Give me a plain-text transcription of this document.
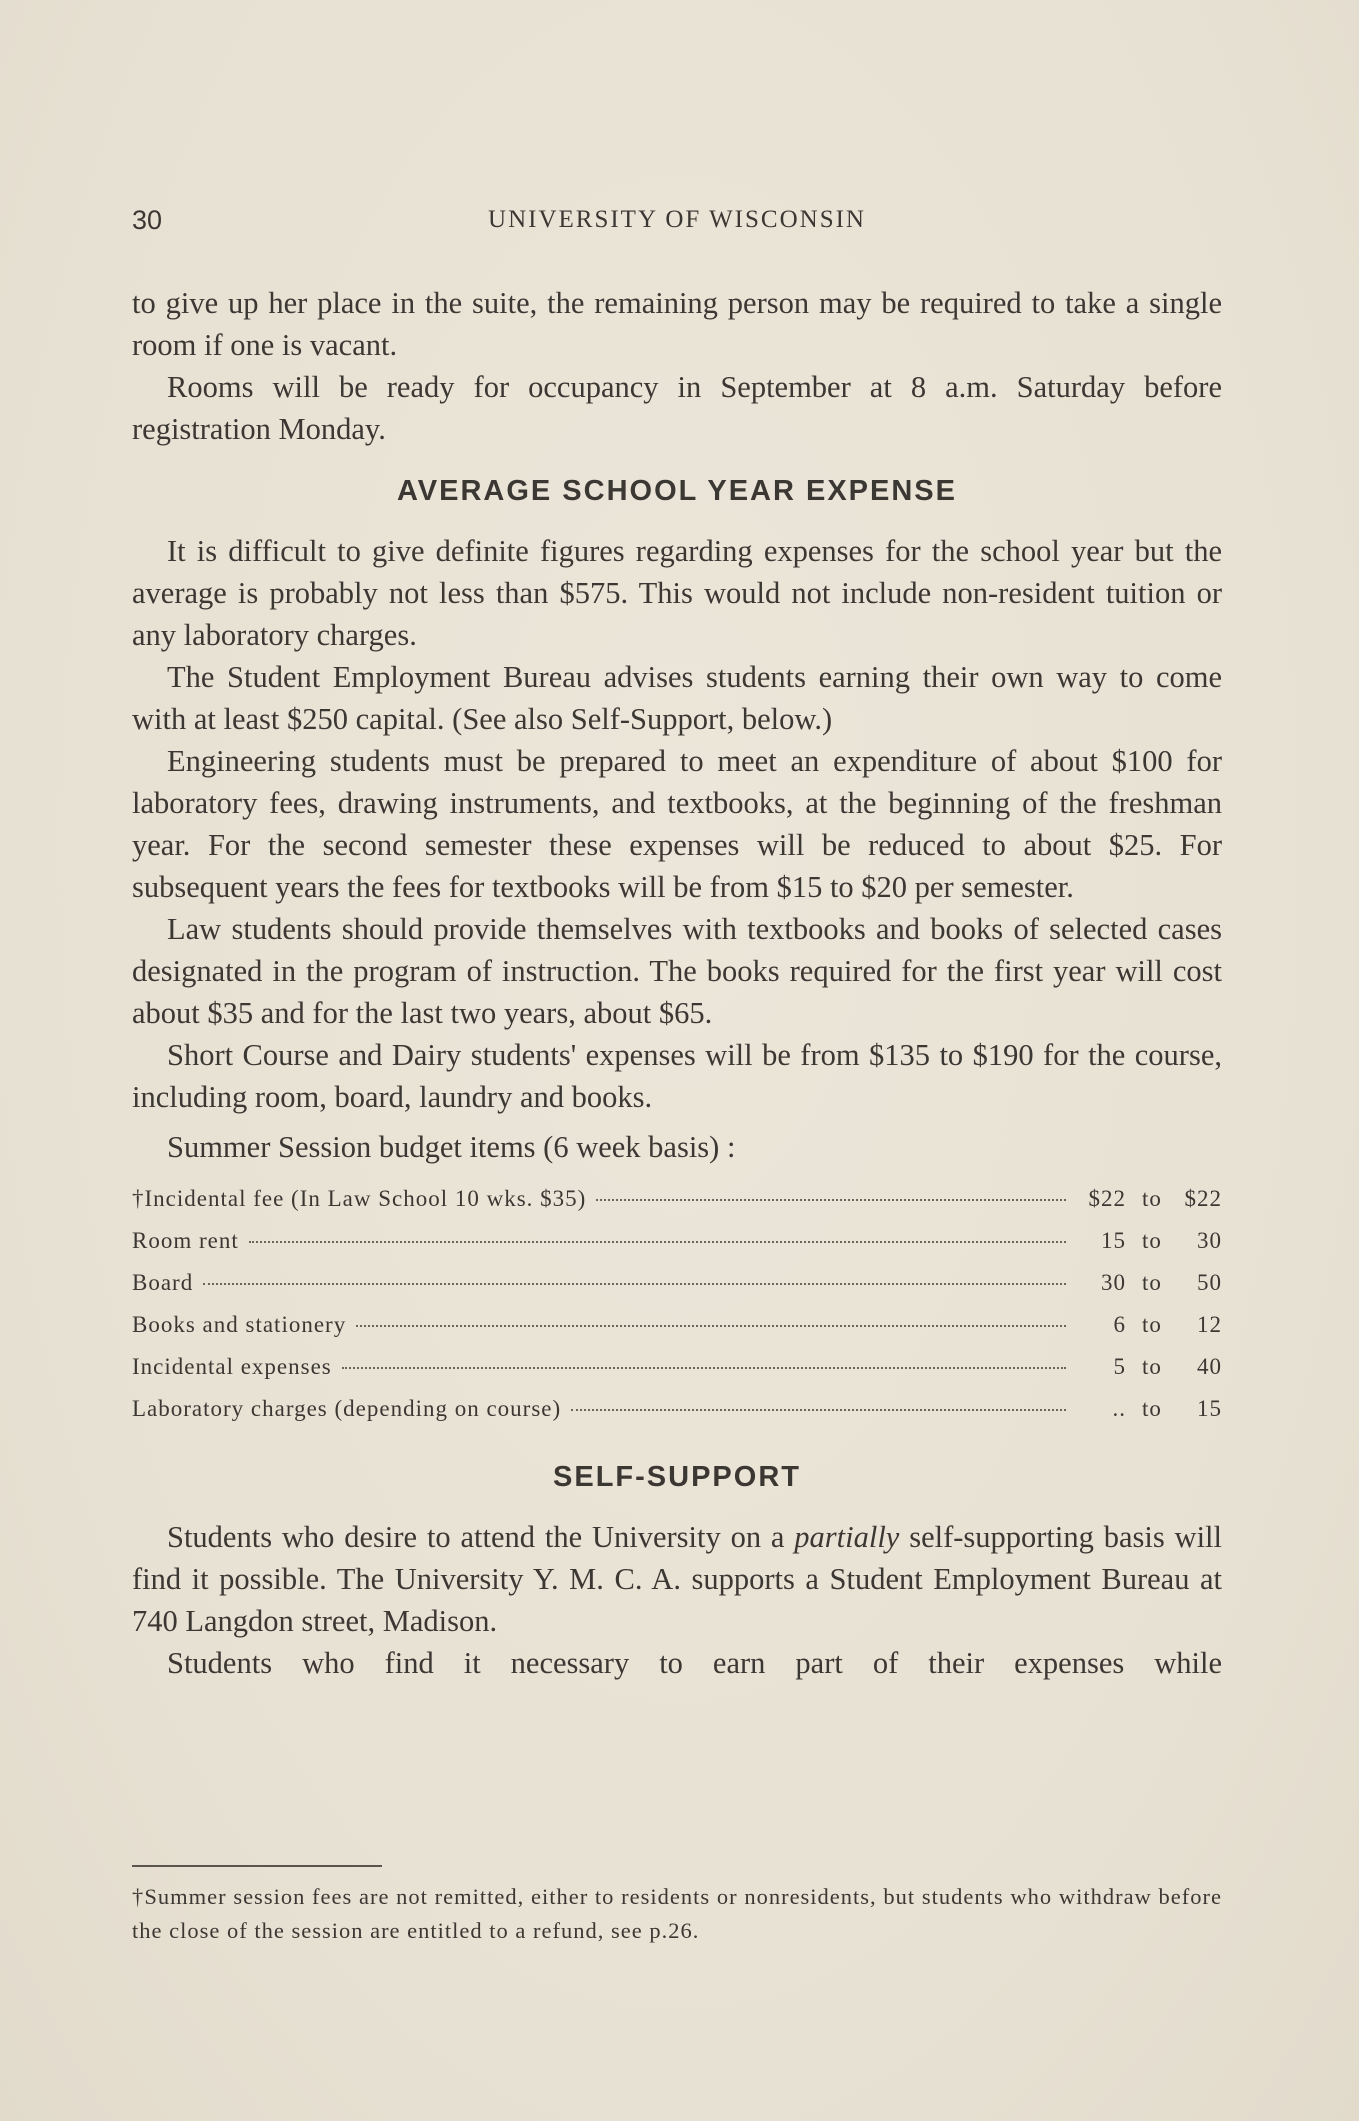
30	UNIVERSITY OF WISCONSIN

to give up her place in the suite, the remaining person may be required to take a single room if one is vacant.

Rooms will be ready for occupancy in September at 8 a.m. Saturday before registration Monday.

AVERAGE SCHOOL YEAR EXPENSE

It is difficult to give definite figures regarding expenses for the school year but the average is probably not less than $575. This would not include non-resident tuition or any laboratory charges.

The Student Employment Bureau advises students earning their own way to come with at least $250 capital. (See also Self-Support, below.)

Engineering students must be prepared to meet an expenditure of about $100 for laboratory fees, drawing instruments, and textbooks, at the beginning of the freshman year. For the second semester these expenses will be reduced to about $25. For subsequent years the fees for textbooks will be from $15 to $20 per semester.

Law students should provide themselves with textbooks and books of selected cases designated in the program of instruction. The books required for the first year will cost about $35 and for the last two years, about $65.

Short Course and Dairy students' expenses will be from $135 to $190 for the course, including room, board, laundry and books.

Summer Session budget items (6 week basis) :

†Incidental fee (In Law School 10 wks. $35)	$22	to	$22

Room rent	15	to	30

Board	30	to	50

Books and stationery	6	to	12

Incidental expenses	5	to	40

Laboratory charges (depending on course)	..	to	15
SELF-SUPPORT

Students who desire to attend the University on a partially self-supporting basis will find it possible. The University Y. M. C. A. supports a Student Employment Bureau at 740 Langdon street, Madison.

Students who find it necessary to earn part of their expenses while

†Summer session fees are not remitted, either to residents or nonresidents, but students who withdraw before the close of the session are entitled to a refund, see p.26.
